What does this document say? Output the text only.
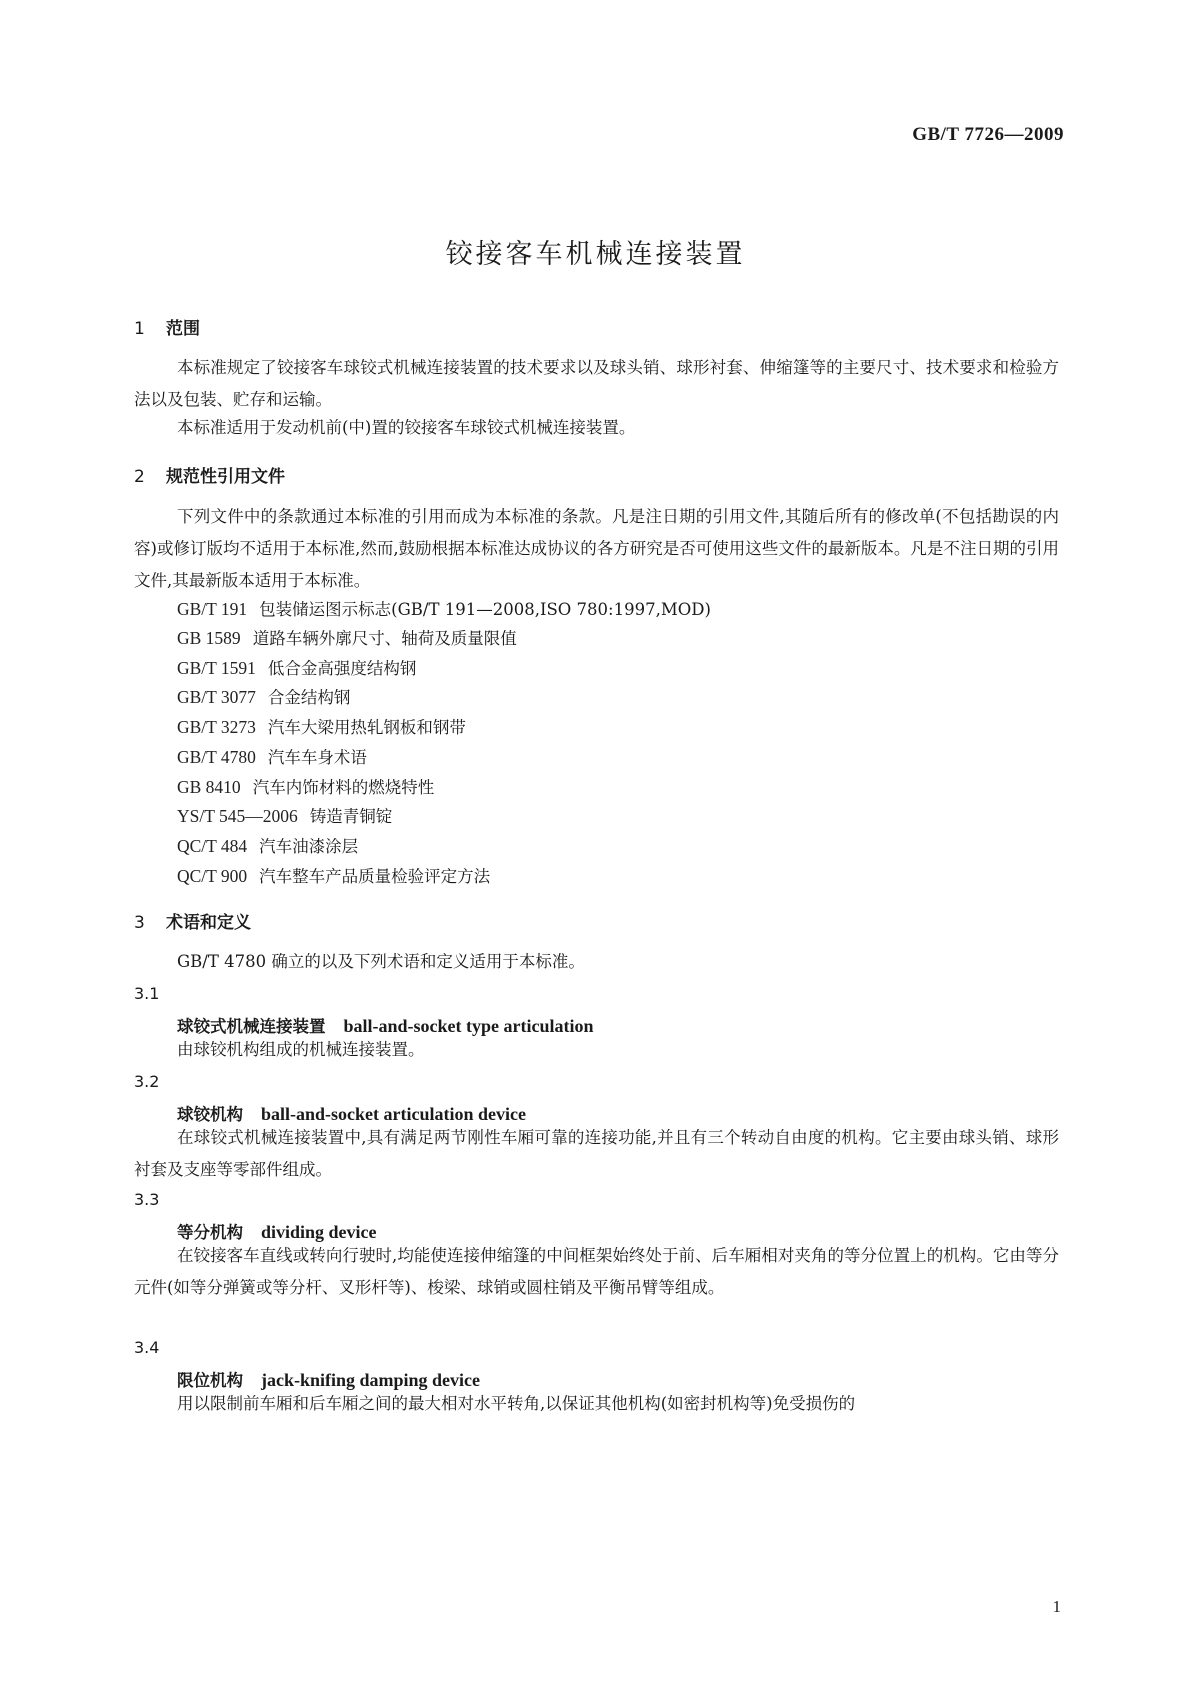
GB/T 7726—2009
铰接客车机械连接装置
1 范围
本标准规定了铰接客车球铰式机械连接装置的技术要求以及球头销、球形衬套、伸缩篷等的主要尺寸、技术要求和检验方法以及包装、贮存和运输。
本标准适用于发动机前(中)置的铰接客车球铰式机械连接装置。
2 规范性引用文件
下列文件中的条款通过本标准的引用而成为本标准的条款。凡是注日期的引用文件,其随后所有的修改单(不包括勘误的内容)或修订版均不适用于本标准,然而,鼓励根据本标准达成协议的各方研究是否可使用这些文件的最新版本。凡是不注日期的引用文件,其最新版本适用于本标准。
GB/T 191 包装储运图示标志(GB/T 191—2008,ISO 780:1997,MOD)
GB 1589 道路车辆外廓尺寸、轴荷及质量限值
GB/T 1591 低合金高强度结构钢
GB/T 3077 合金结构钢
GB/T 3273 汽车大梁用热轧钢板和钢带
GB/T 4780 汽车车身术语
GB 8410 汽车内饰材料的燃烧特性
YS/T 545—2006 铸造青铜锭
QC/T 484 汽车油漆涂层
QC/T 900 汽车整车产品质量检验评定方法
3 术语和定义
GB/T 4780 确立的以及下列术语和定义适用于本标准。
3.1
球铰式机械连接装置 ball-and-socket type articulation
由球铰机构组成的机械连接装置。
3.2
球铰机构 ball-and-socket articulation device
在球铰式机械连接装置中,具有满足两节刚性车厢可靠的连接功能,并且有三个转动自由度的机构。它主要由球头销、球形衬套及支座等零部件组成。
3.3
等分机构 dividing device
在铰接客车直线或转向行驶时,均能使连接伸缩篷的中间框架始终处于前、后车厢相对夹角的等分位置上的机构。它由等分元件(如等分弹簧或等分杆、叉形杆等)、梭梁、球销或圆柱销及平衡吊臂等组成。
3.4
限位机构 jack-knifing damping device
用以限制前车厢和后车厢之间的最大相对水平转角,以保证其他机构(如密封机构等)免受损伤的
1
